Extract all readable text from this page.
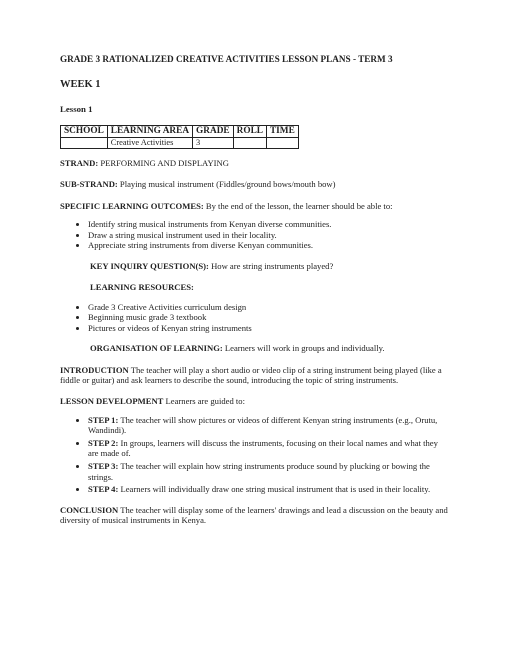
GRADE 3 RATIONALIZED CREATIVE ACTIVITIES LESSON PLANS - TERM 3
WEEK 1
Lesson 1
SCHOOL	LEARNING AREA	GRADE	ROLL	TIME
	Creative Activities	3		
STRAND: PERFORMING AND DISPLAYING
SUB-STRAND: Playing musical instrument (Fiddles/ground bows/mouth bow)
SPECIFIC LEARNING OUTCOMES: By the end of the lesson, the learner should be able to:
• Identify string musical instruments from Kenyan diverse communities.
• Draw a string musical instrument used in their locality.
• Appreciate string instruments from diverse Kenyan communities.
KEY INQUIRY QUESTION(S): How are string instruments played?
LEARNING RESOURCES:
• Grade 3 Creative Activities curriculum design
• Beginning music grade 3 textbook
• Pictures or videos of Kenyan string instruments
ORGANISATION OF LEARNING: Learners will work in groups and individually.
INTRODUCTION The teacher will play a short audio or video clip of a string instrument being played (like a fiddle or guitar) and ask learners to describe the sound, introducing the topic of string instruments.
LESSON DEVELOPMENT Learners are guided to:
• STEP 1: The teacher will show pictures or videos of different Kenyan string instruments (e.g., Orutu, Wandindi).
• STEP 2: In groups, learners will discuss the instruments, focusing on their local names and what they are made of.
• STEP 3: The teacher will explain how string instruments produce sound by plucking or bowing the strings.
• STEP 4: Learners will individually draw one string musical instrument that is used in their locality.
CONCLUSION The teacher will display some of the learners' drawings and lead a discussion on the beauty and diversity of musical instruments in Kenya.
